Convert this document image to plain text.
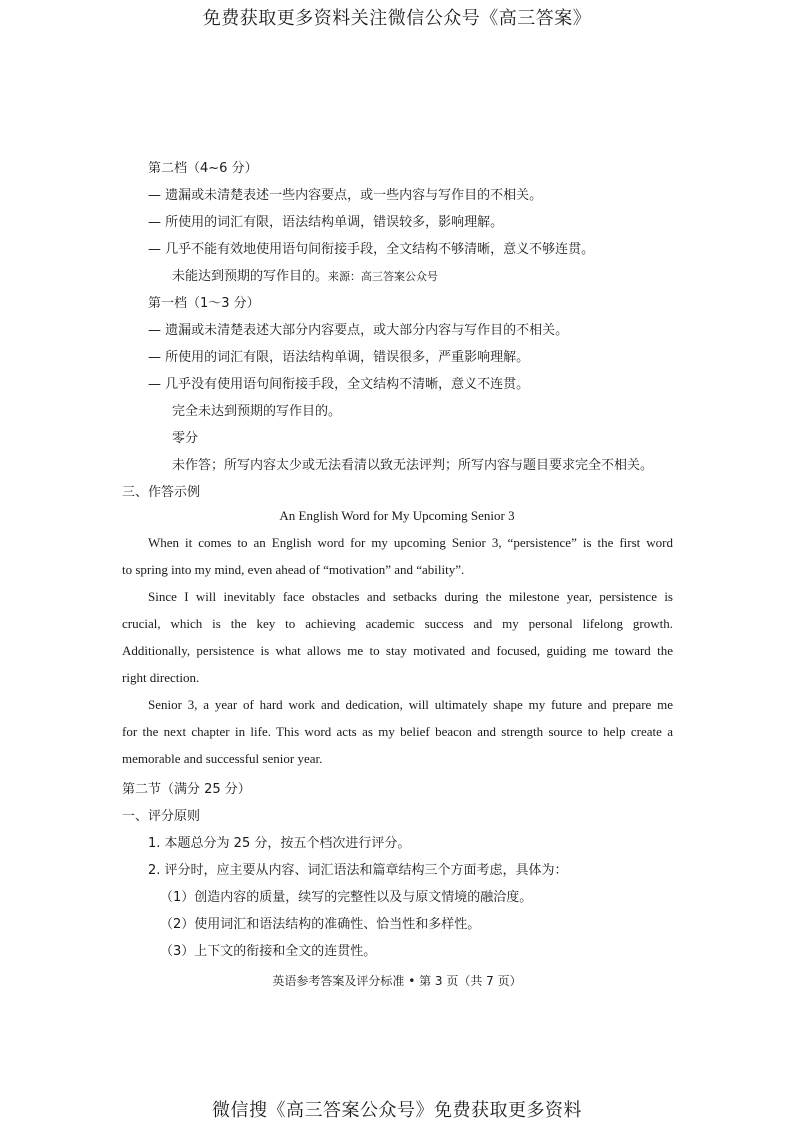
免费获取更多资料关注微信公众号《高三答案》
第二档（4~6 分）
— 遗漏或未清楚表述一些内容要点，或一些内容与写作目的不相关。
— 所使用的词汇有限，语法结构单调，错误较多，影响理解。
— 几乎不能有效地使用语句间衔接手段，全文结构不够清晰，意义不够连贯。
未能达到预期的写作目的。来源：高三答案公众号
第一档（1～3 分）
— 遗漏或未清楚表述大部分内容要点，或大部分内容与写作目的不相关。
— 所使用的词汇有限，语法结构单调，错误很多，严重影响理解。
— 几乎没有使用语句间衔接手段，全文结构不清晰，意义不连贯。
完全未达到预期的写作目的。
零分
未作答；所写内容太少或无法看清以致无法评判；所写内容与题目要求完全不相关。
三、作答示例
An English Word for My Upcoming Senior 3
When it comes to an English word for my upcoming Senior 3, “persistence” is the first word
to spring into my mind, even ahead of “motivation” and “ability”.
Since I will inevitably face obstacles and setbacks during the milestone year, persistence is
crucial, which is the key to achieving academic success and my personal lifelong growth.
Additionally, persistence is what allows me to stay motivated and focused, guiding me toward the
right direction.
Senior 3, a year of hard work and dedication, will ultimately shape my future and prepare me
for the next chapter in life. This word acts as my belief beacon and strength source to help create a
memorable and successful senior year.
第二节（满分 25 分）
一、评分原则
1. 本题总分为 25 分，按五个档次进行评分。
2. 评分时，应主要从内容、词汇语法和篇章结构三个方面考虑，具体为：
（1）创造内容的质量，续写的完整性以及与原文情境的融洽度。
（2）使用词汇和语法结构的准确性、恰当性和多样性。
（3）上下文的衔接和全文的连贯性。
英语参考答案及评分标准 • 第 3 页（共 7 页）
微信搜《高三答案公众号》免费获取更多资料
